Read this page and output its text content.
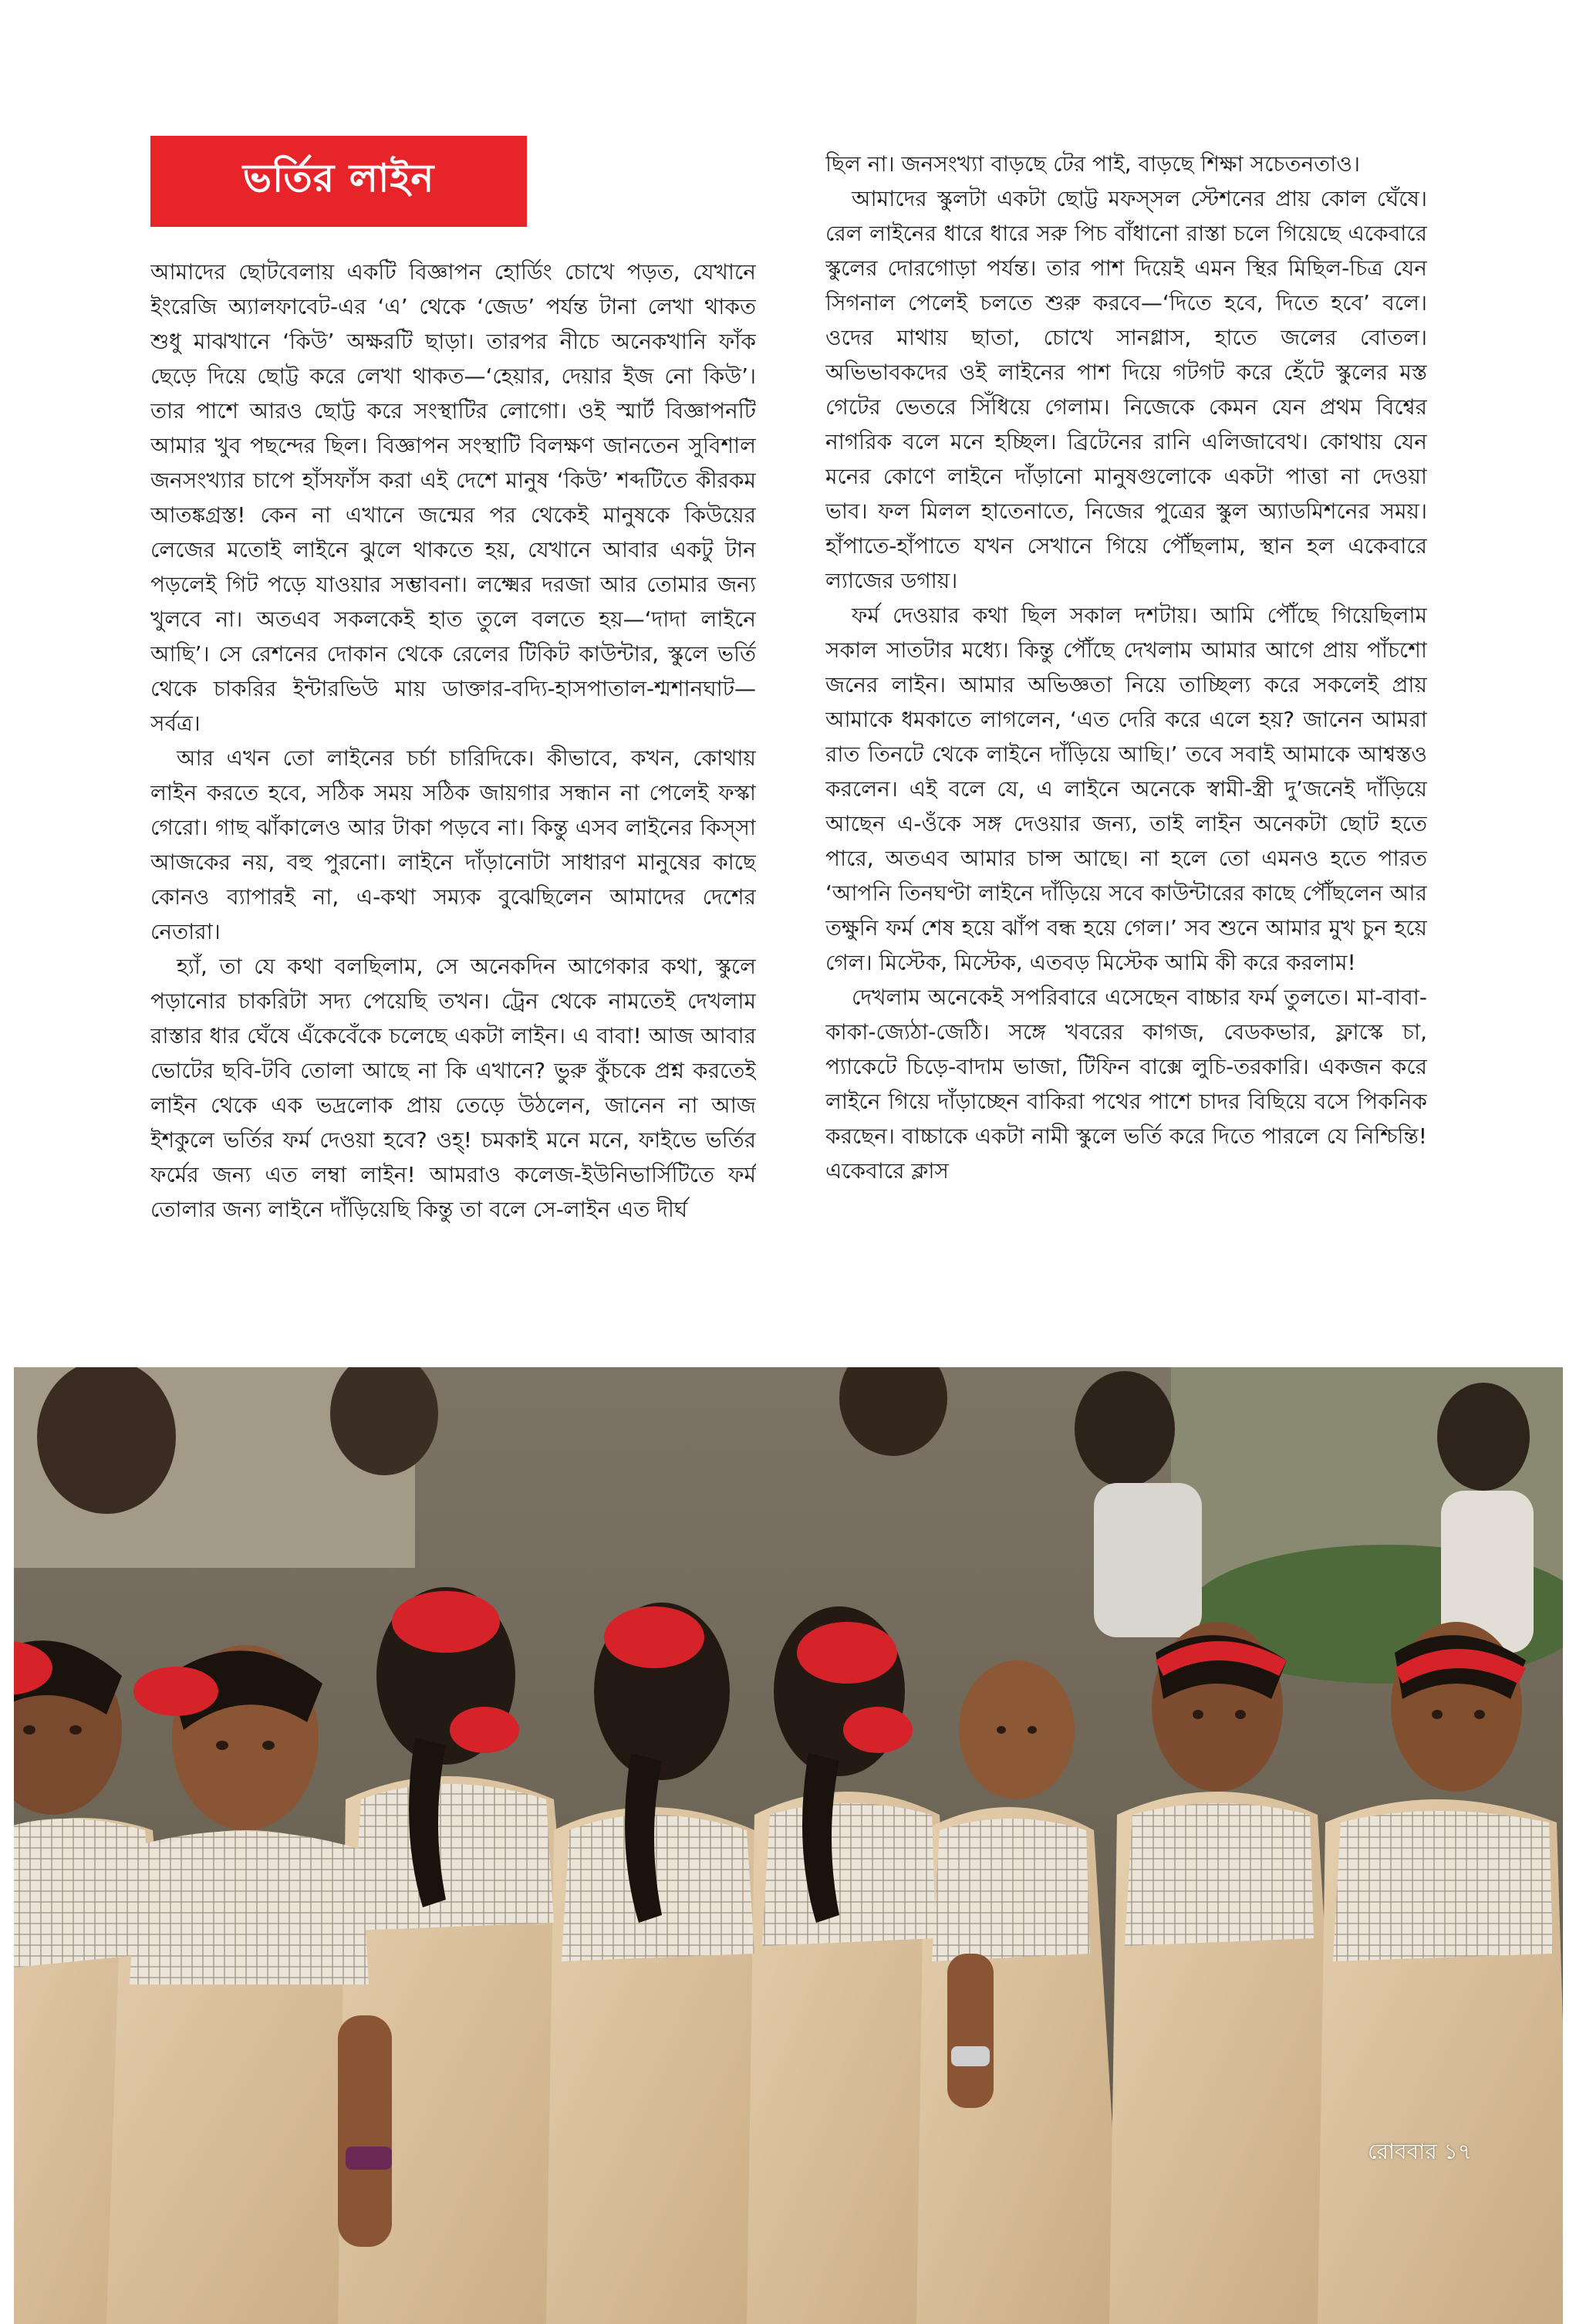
ভর্তির লাইন

আমাদের ছোটবেলায় একটি বিজ্ঞাপন হোর্ডিং চোখে পড়ত, যেখানে ইংরেজি অ্যালফাবেট-এর ‘এ’ থেকে ‘জেড’ পর্যন্ত টানা লেখা থাকত শুধু মাঝখানে ‘কিউ’ অক্ষরটি ছাড়া। তারপর নীচে অনেকখানি ফাঁক ছেড়ে দিয়ে ছোট্ট করে লেখা থাকত—‘হেয়ার, দেয়ার ইজ নো কিউ’। তার পাশে আরও ছোট্ট করে সংস্থাটির লোগো। ওই স্মার্ট বিজ্ঞাপনটি আমার খুব পছন্দের ছিল। বিজ্ঞাপন সংস্থাটি বিলক্ষণ জানতেন সুবিশাল জনসংখ্যার চাপে হাঁসফাঁস করা এই দেশে মানুষ ‘কিউ’ শব্দটিতে কীরকম আতঙ্কগ্রস্ত! কেন না এখানে জন্মের পর থেকেই মানুষকে কিউয়ের লেজের মতোই লাইনে ঝুলে থাকতে হয়, যেখানে আবার একটু টান পড়লেই গিট পড়ে যাওয়ার সম্ভাবনা। লক্ষ্মের দরজা আর তোমার জন্য খুলবে না। অতএব সকলকেই হাত তুলে বলতে হয়—‘দাদা লাইনে আছি’। সে রেশনের দোকান থেকে রেলের টিকিট কাউন্টার, স্কুলে ভর্তি থেকে চাকরির ইন্টারভিউ মায় ডাক্তার-বদ্যি-হাসপাতাল-শ্মশানঘাট—সর্বত্র।

আর এখন তো লাইনের চর্চা চারিদিকে। কীভাবে, কখন, কোথায় লাইন করতে হবে, সঠিক সময় সঠিক জায়গার সন্ধান না পেলেই ফস্কা গেরো। গাছ ঝাঁকালেও আর টাকা পড়বে না। কিন্তু এসব লাইনের কিস্সা আজকের নয়, বহু পুরনো। লাইনে দাঁড়ানোটা সাধারণ মানুষের কাছে কোনও ব্যাপারই না, এ-কথা সম্যক বুঝেছিলেন আমাদের দেশের নেতারা।

হ্যাঁ, তা যে কথা বলছিলাম, সে অনেকদিন আগেকার কথা, স্কুলে পড়ানোর চাকরিটা সদ্য পেয়েছি তখন। ট্রেন থেকে নামতেই দেখলাম রাস্তার ধার ঘেঁষে এঁকেবেঁকে চলেছে একটা লাইন। এ বাবা! আজ আবার ভোটের ছবি-টবি তোলা আছে না কি এখানে? ভুরু কুঁচকে প্রশ্ন করতেই লাইন থেকে এক ভদ্রলোক প্রায় তেড়ে উঠলেন, জানেন না আজ ইশকুলে ভর্তির ফর্ম দেওয়া হবে? ওহ্! চমকাই মনে মনে, ফাইভে ভর্তির ফর্মের জন্য এত লম্বা লাইন! আমরাও কলেজ-ইউনিভার্সিটিতে ফর্ম তোলার জন্য লাইনে দাঁড়িয়েছি কিন্তু তা বলে সে-লাইন এত দীর্ঘ

ছিল না। জনসংখ্যা বাড়ছে টের পাই, বাড়ছে শিক্ষা সচেতনতাও।

আমাদের স্কুলটা একটা ছোট্ট মফস্সল স্টেশনের প্রায় কোল ঘেঁষে। রেল লাইনের ধারে ধারে সরু পিচ বাঁধানো রাস্তা চলে গিয়েছে একেবারে স্কুলের দোরগোড়া পর্যন্ত। তার পাশ দিয়েই এমন স্থির মিছিল-চিত্র যেন সিগনাল পেলেই চলতে শুরু করবে—‘দিতে হবে, দিতে হবে’ বলে। ওদের মাথায় ছাতা, চোখে সানগ্লাস, হাতে জলের বোতল। অভিভাবকদের ওই লাইনের পাশ দিয়ে গটগট করে হেঁটে স্কুলের মস্ত গেটের ভেতরে সিঁধিয়ে গেলাম। নিজেকে কেমন যেন প্রথম বিশ্বের নাগরিক বলে মনে হচ্ছিল। ব্রিটেনের রানি এলিজাবেথ। কোথায় যেন মনের কোণে লাইনে দাঁড়ানো মানুষগুলোকে একটা পাত্তা না দেওয়া ভাব। ফল মিলল হাতেনাতে, নিজের পুত্রের স্কুল অ্যাডমিশনের সময়। হাঁপাতে-হাঁপাতে যখন সেখানে গিয়ে পৌঁছলাম, স্থান হল একেবারে ল্যাজের ডগায়।

ফর্ম দেওয়ার কথা ছিল সকাল দশটায়। আমি পৌঁছে গিয়েছিলাম সকাল সাতটার মধ্যে। কিন্তু পৌঁছে দেখলাম আমার আগে প্রায় পাঁচশো জনের লাইন। আমার অভিজ্ঞতা নিয়ে তাচ্ছিল্য করে সকলেই প্রায় আমাকে ধমকাতে লাগলেন, ‘এত দেরি করে এলে হয়? জানেন আমরা রাত তিনটে থেকে লাইনে দাঁড়িয়ে আছি।’ তবে সবাই আমাকে আশ্বস্তও করলেন। এই বলে যে, এ লাইনে অনেকে স্বামী-স্ত্রী দু’জনেই দাঁড়িয়ে আছেন এ-ওঁকে সঙ্গ দেওয়ার জন্য, তাই লাইন অনেকটা ছোট হতে পারে, অতএব আমার চান্স আছে। না হলে তো এমনও হতে পারত ‘আপনি তিনঘণ্টা লাইনে দাঁড়িয়ে সবে কাউন্টারের কাছে পৌঁছলেন আর তক্ষুনি ফর্ম শেষ হয়ে ঝাঁপ বন্ধ হয়ে গেল।’ সব শুনে আমার মুখ চুন হয়ে গেল। মিস্টেক, মিস্টেক, এতবড় মিস্টেক আমি কী করে করলাম!

দেখলাম অনেকেই সপরিবারে এসেছেন বাচ্চার ফর্ম তুলতে। মা-বাবা-কাকা-জ্যেঠা-জেঠি। সঙ্গে খবরের কাগজ, বেডকভার, ফ্লাস্কে চা, প্যাকেটে চিড়ে-বাদাম ভাজা, টিফিন বাক্সে লুচি-তরকারি। একজন করে লাইনে গিয়ে দাঁড়াচ্ছেন বাকিরা পথের পাশে চাদর বিছিয়ে বসে পিকনিক করছেন। বাচ্চাকে একটা নামী স্কুলে ভর্তি করে দিতে পারলে যে নিশ্চিন্তি! একেবারে ক্লাস

রোববার ১৭
